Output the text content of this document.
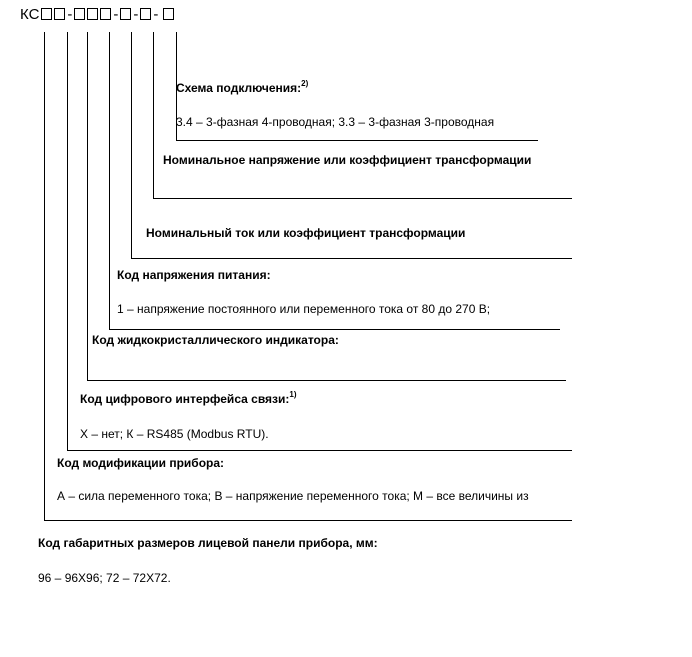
КС -	- - -
Схема подключения:$^{2)}$
3.4 – 3-фазная 4-проводная; 3.3 – 3-фазная 3-проводная
Номинальное напряжение или коэффициент трансформации
Номинальный ток или коэффициент трансформации
Код напряжения питания:
1 – напряжение постоянного или переменного тока от 80 до 270 В;
Код жидкокристаллического индикатора:
Код цифрового интерфейса связи:$^{1)}$
Х – нет; К – RS485 (Modbus RTU).
Код модификации прибора:
А – сила переменного тока; В – напряжение переменного тока; М – все величины из
Код габаритных размеров лицевой панели прибора, мм:
96 – 96Х96; 72 – 72Х72.
